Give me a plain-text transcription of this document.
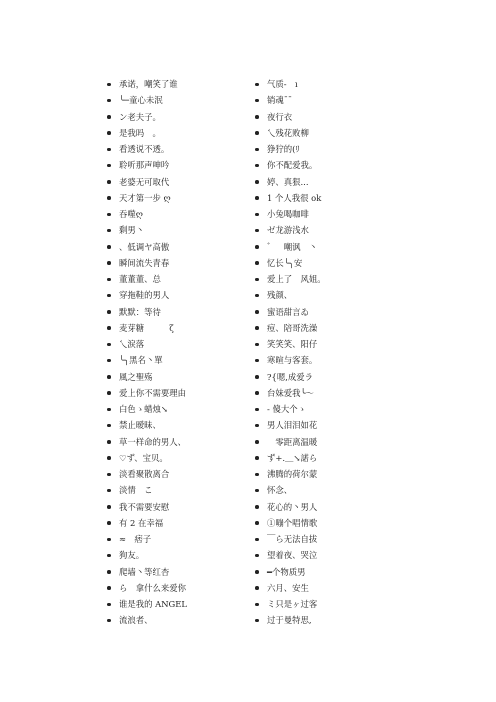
承诺，嘲笑了谁
╰─童心未泯
ン老夫子。
是我吗　。
看透说不透。
聆听那声呻吟
老婆无可取代
天才第一步 ღ
吞噬ღ
剩男丶
、低调ヤ高傲
瞬间流失青春
董董董、总
穿拖鞋的男人
默默：等待
麦芽糖　　　ζ
乀涙落
╰╮黑名丶單
風之聖殇
爱上你不需要理由
白色ゝ蜡烛↘
禁止暧昧、
草一样命的男人、
♡ず、宝贝。
淡看聚散离合
淡情　こ
我不需要安慰
有 2 在幸福
≈　痞子
狗友。
爬墙丶等红杏
ら　拿什么来爱你
谁是我的 ANGEL
流浪者、
气质-　ı
销魂¯¯
夜行衣
乀残花败柳
狰狞的(ﾘ
你不配爱我。
婷、真狠...
1 个人我很 ok
小兔喝咖啡
ゼ龙游浅水
゛　嘲讽　丶
忆长╰╮安
爱上了　风姐。
残颜、
蜜语甜言ゐ
痘、陪哥洗澡
笑笑笑、阳仔
寒暄与客套。
?{嗯,成爱ラ
台妹爱我╰～
- 傻大个ゝ
男人泪泪如花
　零距离温暖
ず+.＿↘諾ら
沸腾的荷尔蒙
怀念、
花心的丶男人
①嘣个唱情歌
￣ら无法自拔
望着夜、哭泣
━个物质男
六月、安生
ミ只是ヶ过客
过于曼特思,
